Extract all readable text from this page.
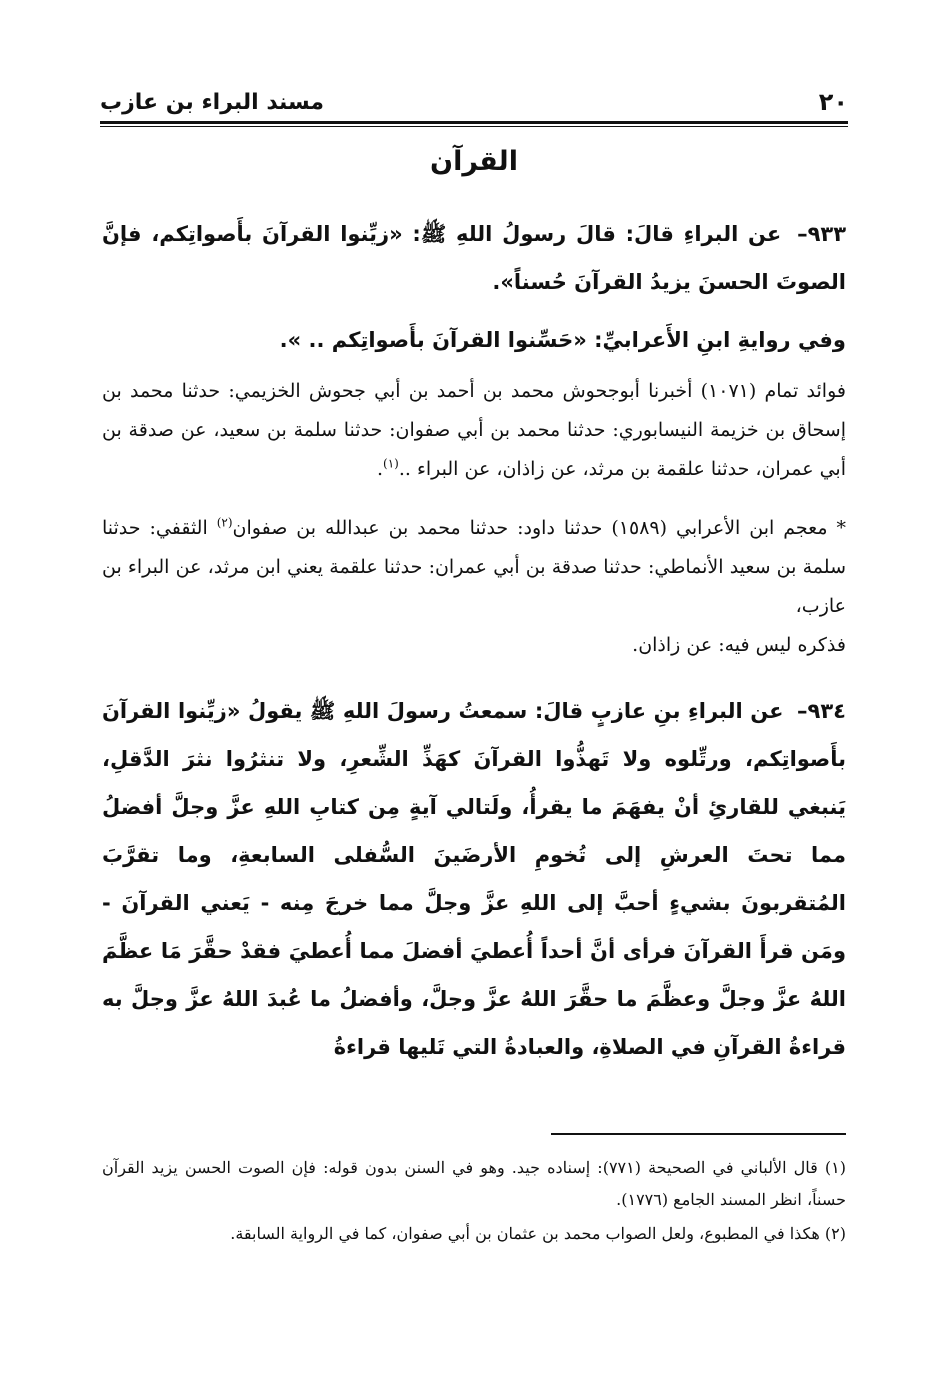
مسند البراء بن عازب	٢٠
القرآن

٩٣٣– عن البراءِ قالَ: قالَ رسولُ اللهِ ﷺ: «زيِّنوا القرآنَ بأَصواتِكم، فإنَّ الصوتَ الحسنَ يزيدُ القرآنَ حُسناً».

وفي روايةِ ابنِ الأَعرابيِّ: «حَسِّنوا القرآنَ بأَصواتِكم .. ».

فوائد تمام (١٠٧١) أخبرنا أبوجحوش محمد بن أحمد بن أبي جحوش الخزيمي: حدثنا محمد بن إسحاق بن خزيمة النيسابوري: حدثنا محمد بن أبي صفوان: حدثنا سلمة بن سعيد، عن صدقة بن أبي عمران، حدثنا علقمة بن مرثد، عن زاذان، عن البراء ..$^{(١)}$.

* معجم ابن الأعرابي (١٥٨٩) حدثنا داود: حدثنا محمد بن عبدالله بن صفوان$^{(٢)}$ الثقفي: حدثنا سلمة بن سعيد الأنماطي: حدثنا صدقة بن أبي عمران: حدثنا علقمة يعني ابن مرثد، عن البراء بن عازب،

فذكره ليس فيه: عن زاذان.

٩٣٤– عن البراءِ بنِ عازبٍ قالَ: سمعتُ رسولَ اللهِ ﷺ يقولُ «زيِّنوا القرآنَ بأَصواتِكم، ورتِّلوه ولا تَهذُّوا القرآنَ كهَذِّ الشِّعرِ، ولا تنثرُوا نثرَ الدَّقلِ، يَنبغي للقارئِ أنْ يفهَمَ ما يقرأُ، ولَتالي آيةٍ مِن كتابِ اللهِ عزَّ وجلَّ أفضلُ مما تحتَ العرشِ إلى تُخومِ الأرضَينَ السُّفلى السابعةِ، وما تقرَّبَ المُتقربونَ بشيءٍ أحبَّ إلى اللهِ عزَّ وجلَّ مما خرجَ مِنه - يَعني القرآنَ - ومَن قرأَ القرآنَ فرأى أنَّ أحداً أُعطيَ أفضلَ مما أُعطيَ فقدْ حقَّرَ مَا عظَّمَ اللهُ عزَّ وجلَّ وعظَّمَ ما حقَّرَ اللهُ عزَّ وجلَّ، وأفضلُ ما عُبدَ اللهُ عزَّ وجلَّ به قراءةُ القرآنِ في الصلاةِ، والعبادةُ التي تَليها قراءةُ

(١) قال الألباني في الصحيحة (٧٧١): إسناده جيد. وهو في السنن بدون قوله: فإن الصوت الحسن يزيد القرآن حسناً، انظر المسند الجامع (١٧٧٦).

(٢) هكذا في المطبوع، ولعل الصواب محمد بن عثمان بن أبي صفوان، كما في الرواية السابقة.
